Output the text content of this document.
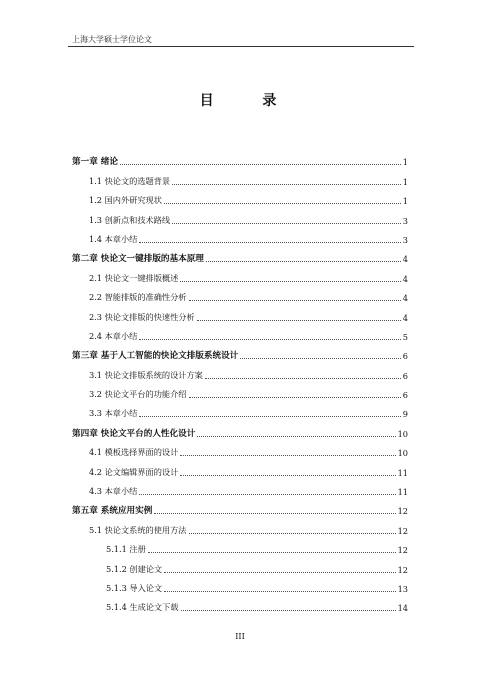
上海大学硕士学位论文
目 录
第一章 绪论	1
1.1 快论文的选题背景	1
1.2 国内外研究现状	1
1.3 创新点和技术路线	3
1.4 本章小结	3
第二章 快论文一键排版的基本原理	4
2.1 快论文一键排版概述	4
2.2 智能排版的准确性分析	4
2.3 快论文排版的快速性分析	4
2.4 本章小结	5
第三章 基于人工智能的快论文排版系统设计	6
3.1 快论文排版系统的设计方案	6
3.2 快论文平台的功能介绍	6
3.3 本章小结	9
第四章 快论文平台的人性化设计	10
4.1 模板选择界面的设计	10
4.2 论文编辑界面的设计	11
4.3 本章小结	11
第五章 系统应用实例	12
5.1 快论文系统的使用方法	12
5.1.1 注册	12
5.1.2 创建论文	12
5.1.3 导入论文	13
5.1.4 生成论文下载	14
III
